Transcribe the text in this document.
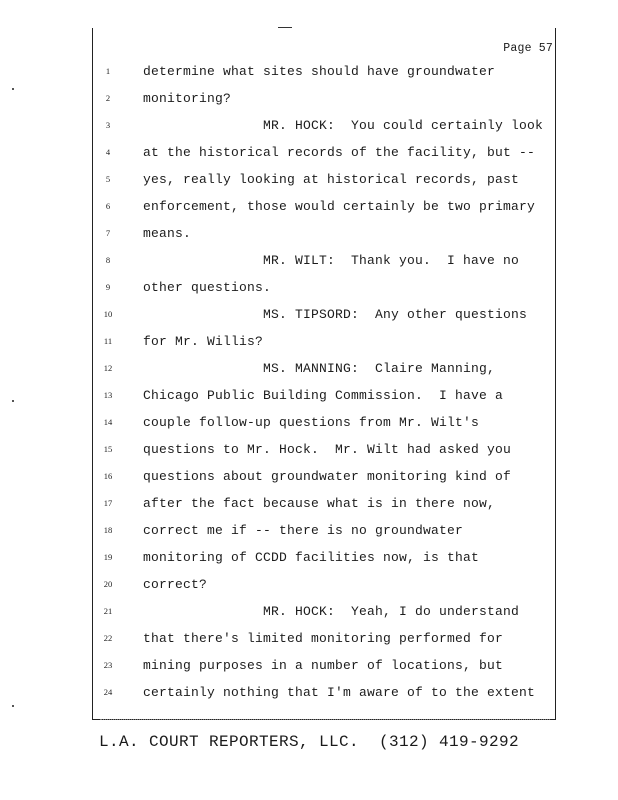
Page 57
1	determine what sites should have groundwater
2	monitoring?
3	MR. HOCK:  You could certainly look
4	at the historical records of the facility, but --
5	yes, really looking at historical records, past
6	enforcement, those would certainly be two primary
7	means.
8	MR. WILT:  Thank you.  I have no
9	other questions.
10 MS. TIPSORD:  Any other questions
11 for Mr. Willis?
12 MS. MANNING:  Claire Manning,
13 Chicago Public Building Commission.  I have a
14 couple follow-up questions from Mr. Wilt's
15 questions to Mr. Hock.  Mr. Wilt had asked you
16 questions about groundwater monitoring kind of
17 after the fact because what is in there now,
18 correct me if -- there is no groundwater
19 monitoring of CCDD facilities now, is that
20 correct?
21 MR. HOCK:  Yeah, I do understand
22 that there's limited monitoring performed for
23 mining purposes in a number of locations, but
24 certainly nothing that I'm aware of to the extent
L.A. COURT REPORTERS, LLC.  (312) 419-9292
